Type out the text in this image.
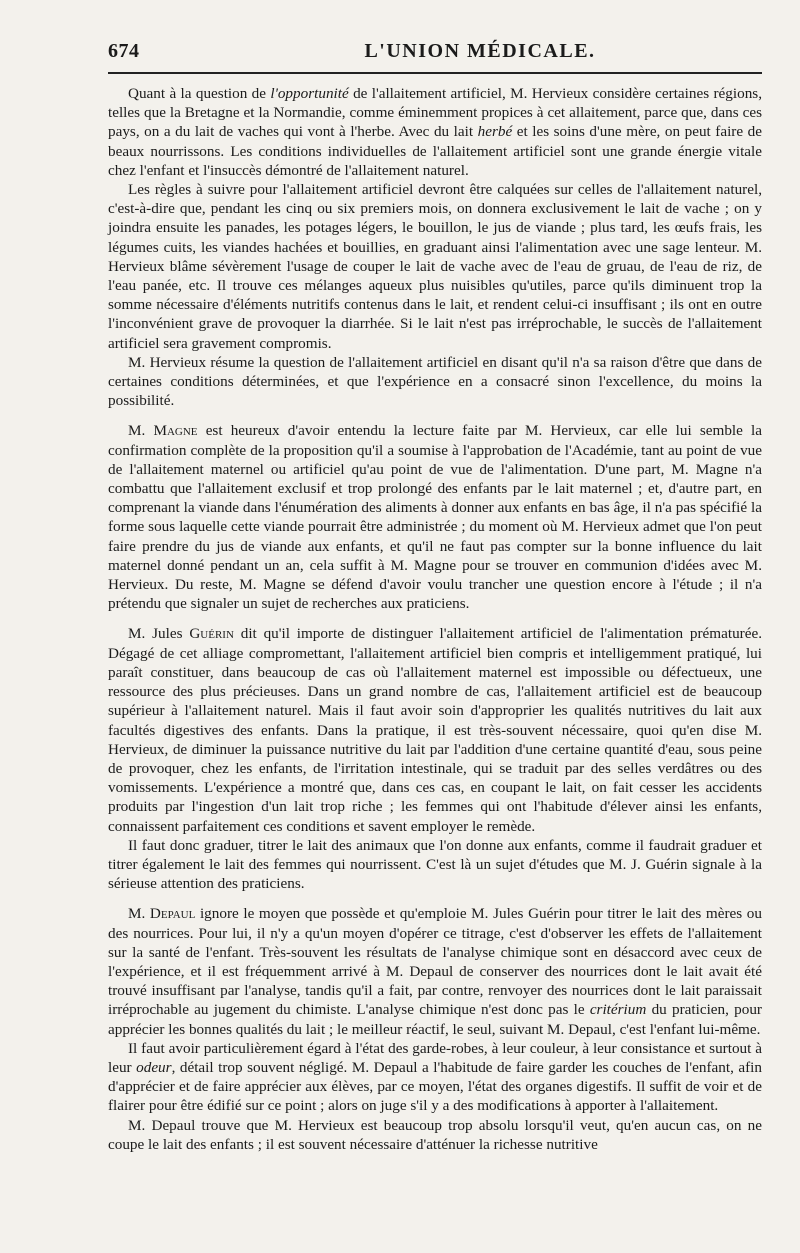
674	L'UNION MÉDICALE.

Quant à la question de l'opportunité de l'allaitement artificiel, M. Hervieux considère certaines régions, telles que la Bretagne et la Normandie, comme éminemment propices à cet allaitement, parce que, dans ces pays, on a du lait de vaches qui vont à l'herbe. Avec du lait herbé et les soins d'une mère, on peut faire de beaux nourrissons. Les conditions individuelles de l'allaitement artificiel sont une grande énergie vitale chez l'enfant et l'insuccès démontré de l'allaitement naturel.

Les règles à suivre pour l'allaitement artificiel devront être calquées sur celles de l'allaitement naturel, c'est-à-dire que, pendant les cinq ou six premiers mois, on donnera exclusivement le lait de vache ; on y joindra ensuite les panades, les potages légers, le bouillon, le jus de viande ; plus tard, les œufs frais, les légumes cuits, les viandes hachées et bouillies, en graduant ainsi l'alimentation avec une sage lenteur. M. Hervieux blâme sévèrement l'usage de couper le lait de vache avec de l'eau de gruau, de l'eau de riz, de l'eau panée, etc. Il trouve ces mélanges aqueux plus nuisibles qu'utiles, parce qu'ils diminuent trop la somme nécessaire d'éléments nutritifs contenus dans le lait, et rendent celui-ci insuffisant ; ils ont en outre l'inconvénient grave de provoquer la diarrhée. Si le lait n'est pas irréprochable, le succès de l'allaitement artificiel sera gravement compromis.

M. Hervieux résume la question de l'allaitement artificiel en disant qu'il n'a sa raison d'être que dans de certaines conditions déterminées, et que l'expérience en a consacré sinon l'excellence, du moins la possibilité.

M. Magne est heureux d'avoir entendu la lecture faite par M. Hervieux, car elle lui semble la confirmation complète de la proposition qu'il a soumise à l'approbation de l'Académie, tant au point de vue de l'allaitement maternel ou artificiel qu'au point de vue de l'alimentation. D'une part, M. Magne n'a combattu que l'allaitement exclusif et trop prolongé des enfants par le lait maternel ; et, d'autre part, en comprenant la viande dans l'énumération des aliments à donner aux enfants en bas âge, il n'a pas spécifié la forme sous laquelle cette viande pourrait être administrée ; du moment où M. Hervieux admet que l'on peut faire prendre du jus de viande aux enfants, et qu'il ne faut pas compter sur la bonne influence du lait maternel donné pendant un an, cela suffit à M. Magne pour se trouver en communion d'idées avec M. Hervieux. Du reste, M. Magne se défend d'avoir voulu trancher une question encore à l'étude ; il n'a prétendu que signaler un sujet de recherches aux praticiens.

M. Jules Guérin dit qu'il importe de distinguer l'allaitement artificiel de l'alimentation prématurée. Dégagé de cet alliage compromettant, l'allaitement artificiel bien compris et intelligemment pratiqué, lui paraît constituer, dans beaucoup de cas où l'allaitement maternel est impossible ou défectueux, une ressource des plus précieuses. Dans un grand nombre de cas, l'allaitement artificiel est de beaucoup supérieur à l'allaitement naturel. Mais il faut avoir soin d'approprier les qualités nutritives du lait aux facultés digestives des enfants. Dans la pratique, il est très-souvent nécessaire, quoi qu'en dise M. Hervieux, de diminuer la puissance nutritive du lait par l'addition d'une certaine quantité d'eau, sous peine de provoquer, chez les enfants, de l'irritation intestinale, qui se traduit par des selles verdâtres ou des vomissements. L'expérience a montré que, dans ces cas, en coupant le lait, on fait cesser les accidents produits par l'ingestion d'un lait trop riche ; les femmes qui ont l'habitude d'élever ainsi les enfants, connaissent parfaitement ces conditions et savent employer le remède.

Il faut donc graduer, titrer le lait des animaux que l'on donne aux enfants, comme il faudrait graduer et titrer également le lait des femmes qui nourrissent. C'est là un sujet d'études que M. J. Guérin signale à la sérieuse attention des praticiens.

M. Depaul ignore le moyen que possède et qu'emploie M. Jules Guérin pour titrer le lait des mères ou des nourrices. Pour lui, il n'y a qu'un moyen d'opérer ce titrage, c'est d'observer les effets de l'allaitement sur la santé de l'enfant. Très-souvent les résultats de l'analyse chimique sont en désaccord avec ceux de l'expérience, et il est fréquemment arrivé à M. Depaul de conserver des nourrices dont le lait avait été trouvé insuffisant par l'analyse, tandis qu'il a fait, par contre, renvoyer des nourrices dont le lait paraissait irréprochable au jugement du chimiste. L'analyse chimique n'est donc pas le critérium du praticien, pour apprécier les bonnes qualités du lait ; le meilleur réactif, le seul, suivant M. Depaul, c'est l'enfant lui-même.

Il faut avoir particulièrement égard à l'état des garde-robes, à leur couleur, à leur consistance et surtout à leur odeur, détail trop souvent négligé. M. Depaul a l'habitude de faire garder les couches de l'enfant, afin d'apprécier et de faire apprécier aux élèves, par ce moyen, l'état des organes digestifs. Il suffit de voir et de flairer pour être édifié sur ce point ; alors on juge s'il y a des modifications à apporter à l'allaitement.

M. Depaul trouve que M. Hervieux est beaucoup trop absolu lorsqu'il veut, qu'en aucun cas, on ne coupe le lait des enfants ; il est souvent nécessaire d'atténuer la richesse nutritive
